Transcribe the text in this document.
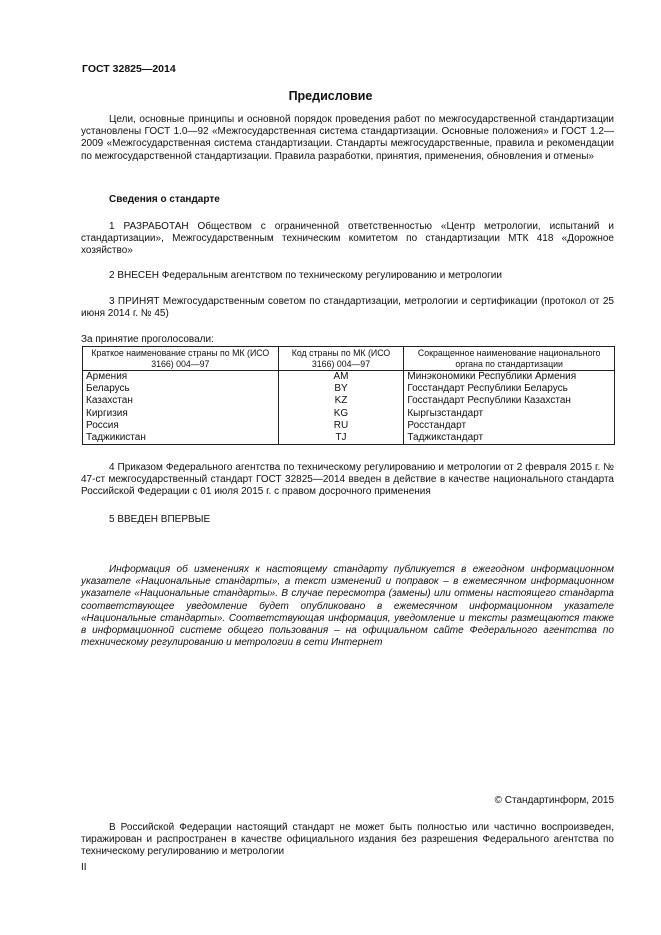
ГОСТ 32825—2014
Предисловие
Цели, основные принципы и основной порядок проведения работ по межгосударственной стандартизации установлены ГОСТ 1.0—92 «Межгосударственная система стандартизации. Основные положения» и ГОСТ 1.2—2009 «Межгосударственная система стандартизации. Стандарты межгосударственные, правила и рекомендации по межгосударственной стандартизации. Правила разработки, принятия, применения, обновления и отмены»
Сведения о стандарте
1 РАЗРАБОТАН Обществом с ограниченной ответственностью «Центр метрологии, испытаний и стандартизации», Межгосударственным техническим комитетом по стандартизации МТК 418 «Дорожное хозяйство»
2 ВНЕСЕН Федеральным агентством по техническому регулированию и метрологии
3 ПРИНЯТ Межгосударственным советом по стандартизации, метрологии и сертификации (протокол от 25 июня 2014 г. № 45)
За принятие проголосовали:
Краткое наименование страны по МК (ИСО 3166) 004—97	Код страны по МК (ИСО 3166) 004—97	Сокращенное наименование национального органа по стандартизации
Армения	AM	Минэкономики Республики Армения
Беларусь	BY	Госстандарт Республики Беларусь
Казахстан	KZ	Госстандарт Республики Казахстан
Киргизия	KG	Кыргызстандарт
Россия	RU	Росстандарт
Таджикистан	TJ	Таджикстандарт
4 Приказом Федерального агентства по техническому регулированию и метрологии от 2 февраля 2015 г. № 47-ст межгосударственный стандарт ГОСТ 32825—2014 введен в действие в качестве национального стандарта Российской Федерации с 01 июля 2015 г. с правом досрочного применения
5 ВВЕДЕН ВПЕРВЫЕ
Информация об изменениях к настоящему стандарту публикуется в ежегодном информационном указателе «Национальные стандарты», а текст изменений и поправок – в ежемесячном информационном указателе «Национальные стандарты». В случае пересмотра (замены) или отмены настоящего стандарта соответствующее уведомление будет опубликовано в ежемесячном информационном указателе «Национальные стандарты». Соответствующая информация, уведомление и тексты размещаются также в информационной системе общего пользования – на официальном сайте Федерального агентства по техническому регулированию и метрологии в сети Интернет
© Стандартинформ, 2015
В Российской Федерации настоящий стандарт не может быть полностью или частично воспроизведен, тиражирован и распространен в качестве официального издания без разрешения Федерального агентства по техническому регулированию и метрологии
II
